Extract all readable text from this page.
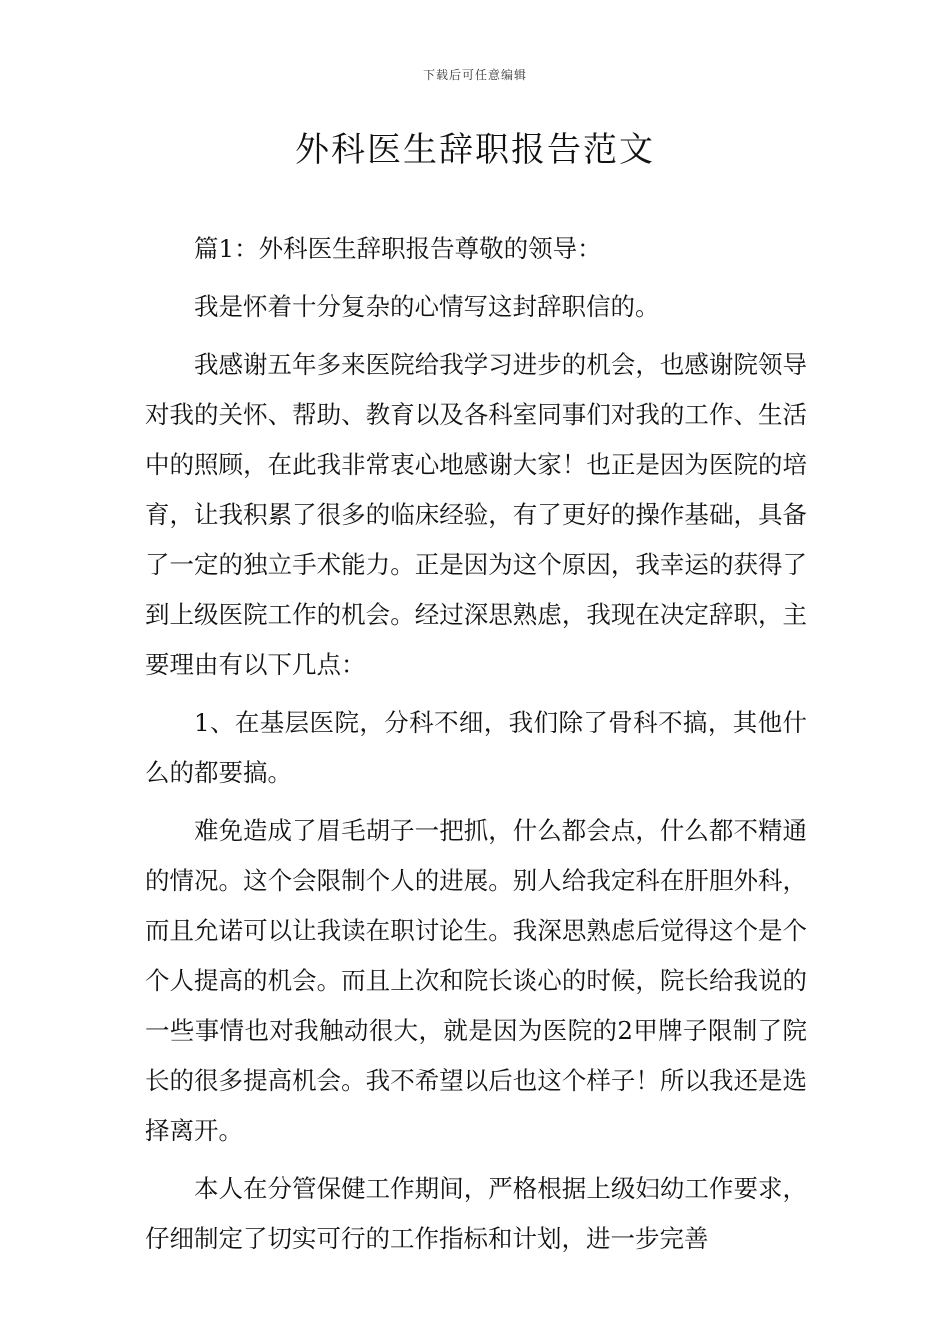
下载后可任意编辑
外科医生辞职报告范文

篇1：外科医生辞职报告尊敬的领导：

我是怀着十分复杂的心情写这封辞职信的。

我感谢五年多来医院给我学习进步的机会，也感谢院领导对我的关怀、帮助、教育以及各科室同事们对我的工作、生活中的照顾，在此我非常衷心地感谢大家！也正是因为医院的培育，让我积累了很多的临床经验，有了更好的操作基础，具备了一定的独立手术能力。正是因为这个原因，我幸运的获得了到上级医院工作的机会。经过深思熟虑，我现在决定辞职，主要理由有以下几点：

1、在基层医院，分科不细，我们除了骨科不搞，其他什么的都要搞。

难免造成了眉毛胡子一把抓，什么都会点，什么都不精通的情况。这个会限制个人的进展。别人给我定科在肝胆外科，而且允诺可以让我读在职讨论生。我深思熟虑后觉得这个是个个人提高的机会。而且上次和院长谈心的时候，院长给我说的一些事情也对我触动很大，就是因为医院的2甲牌子限制了院长的很多提高机会。我不希望以后也这个样子！所以我还是选择离开。

本人在分管保健工作期间，严格根据上级妇幼工作要求，仔细制定了切实可行的工作指标和计划，进一步完善
